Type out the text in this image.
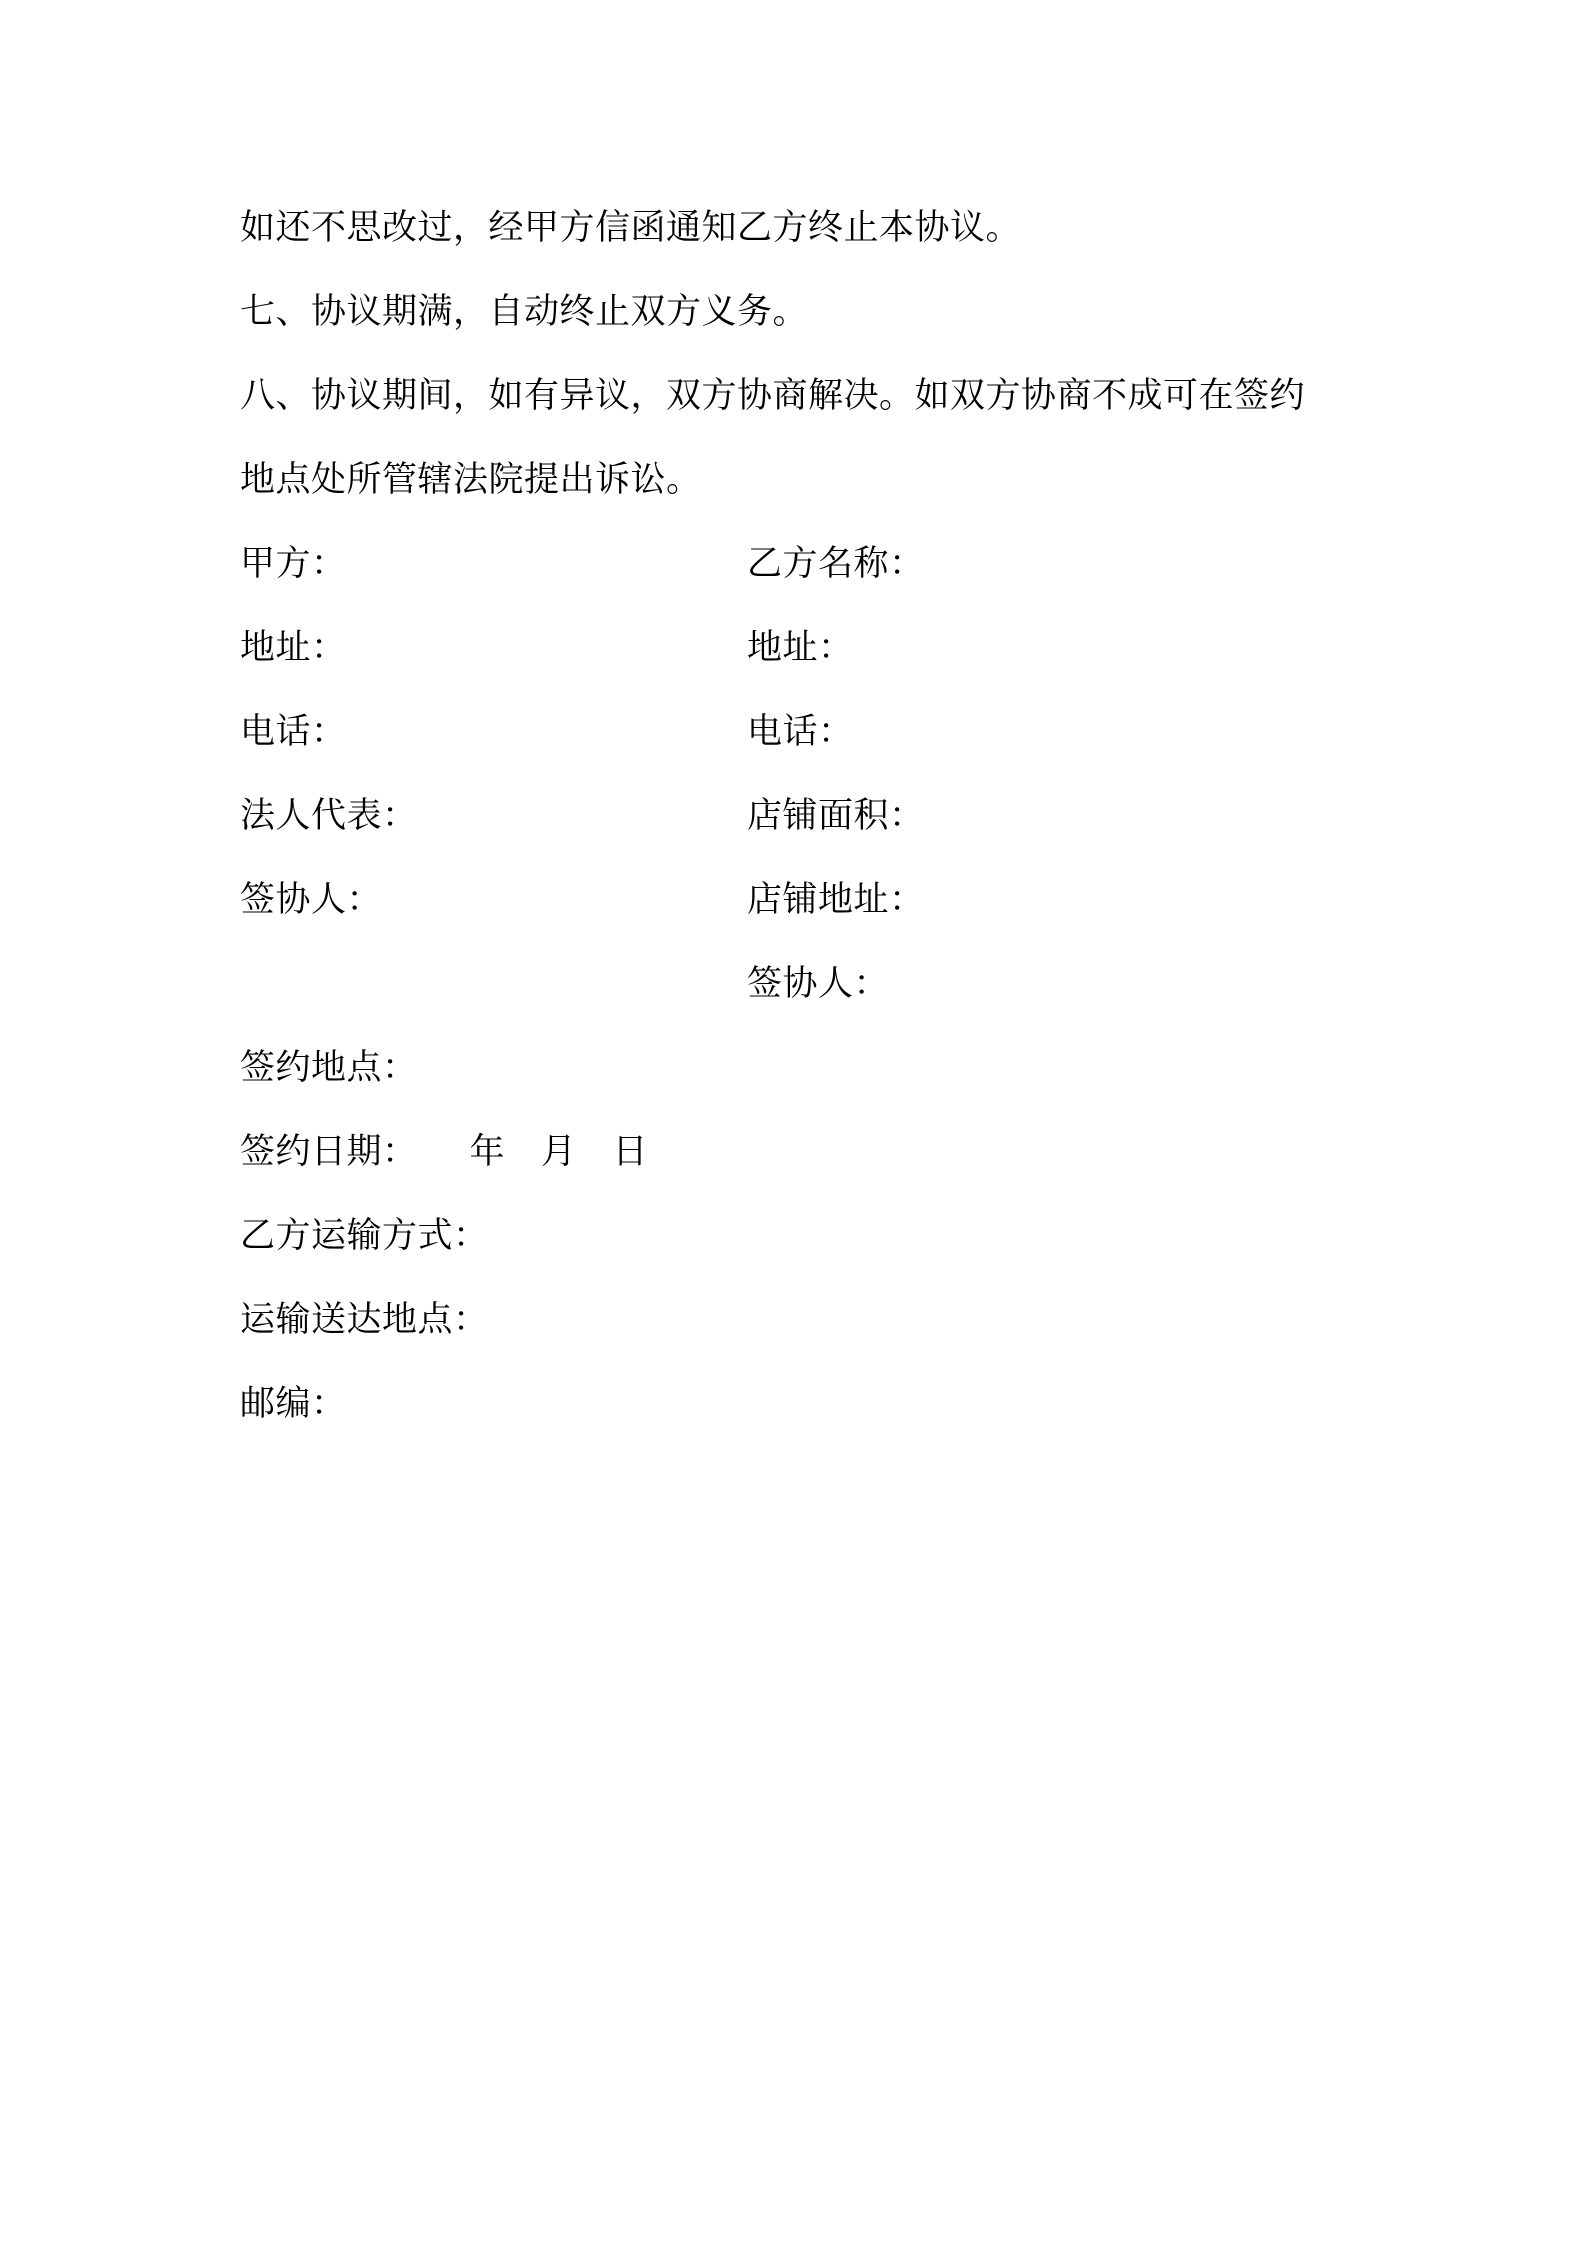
如还不思改过，经甲方信函通知乙方终止本协议。
七、协议期满，自动终止双方义务。
八、协议期间，如有异议，双方协商解决。如双方协商不成可在签约
地点处所管辖法院提出诉讼。
甲方：
地址：
电话：
法人代表：
签协人：
乙方名称：
地址：
电话：
店铺面积：
店铺地址：
签协人：
签约地点：
签约日期： 年 月 日
乙方运输方式：
运输送达地点：
邮编：
